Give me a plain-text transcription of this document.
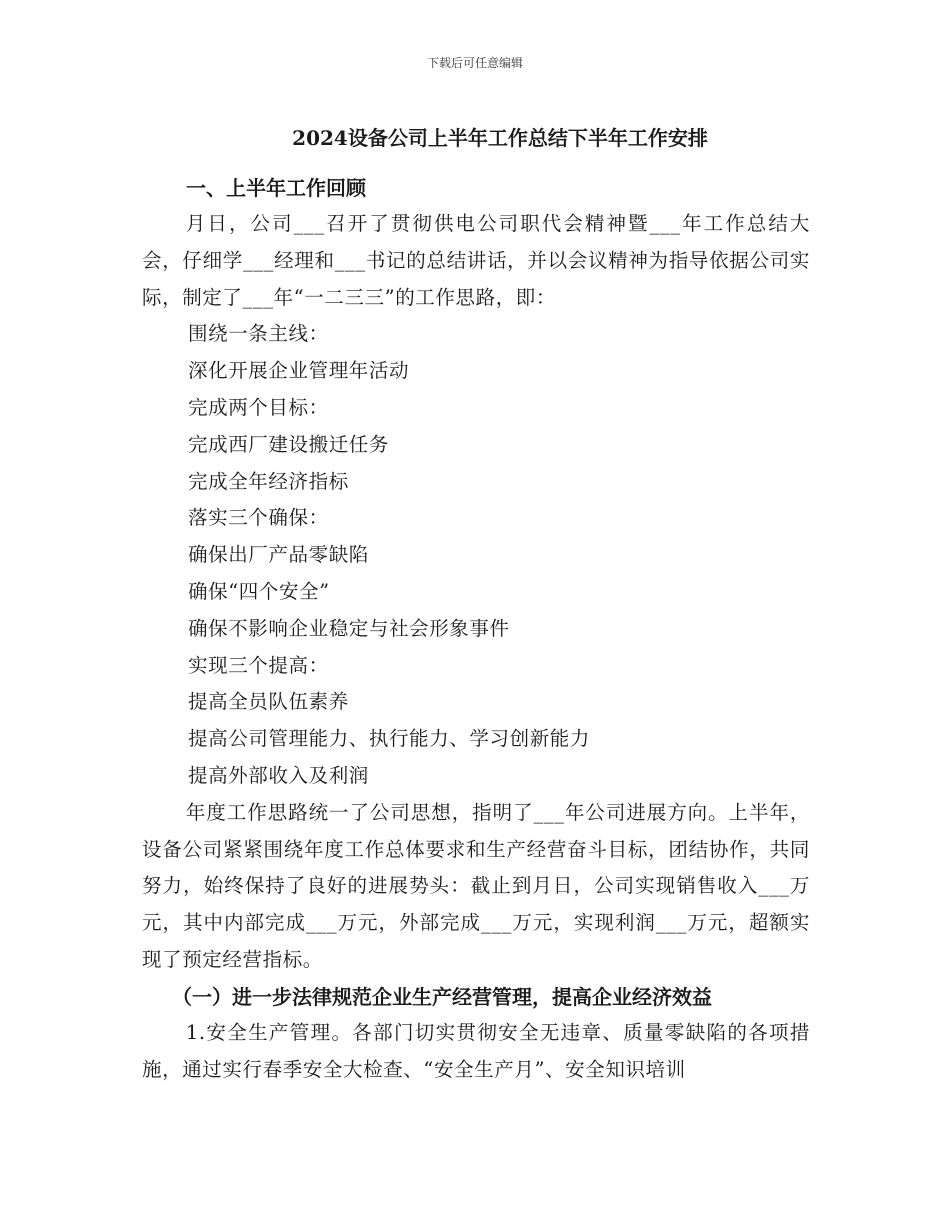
下载后可任意编辑
2024设备公司上半年工作总结下半年工作安排
一、上半年工作回顾

月日，公司___召开了贯彻供电公司职代会精神暨___年工作总结大会，仔细学___经理和___书记的总结讲话，并以会议精神为指导依据公司实际，制定了___年“一二三三”的工作思路，即：

围绕一条主线：

深化开展企业管理年活动

完成两个目标：

完成西厂建设搬迁任务

完成全年经济指标

落实三个确保：

确保出厂产品零缺陷

确保“四个安全”

确保不影响企业稳定与社会形象事件

实现三个提高：

提高全员队伍素养

提高公司管理能力、执行能力、学习创新能力

提高外部收入及利润

年度工作思路统一了公司思想，指明了___年公司进展方向。上半年，设备公司紧紧围绕年度工作总体要求和生产经营奋斗目标，团结协作，共同努力，始终保持了良好的进展势头：截止到月日，公司实现销售收入___万元，其中内部完成___万元，外部完成___万元，实现利润___万元，超额实现了预定经营指标。

（一）进一步法律规范企业生产经营管理，提高企业经济效益

1.安全生产管理。各部门切实贯彻安全无违章、质量零缺陷的各项措施，通过实行春季安全大检查、“安全生产月”、安全知识培训
